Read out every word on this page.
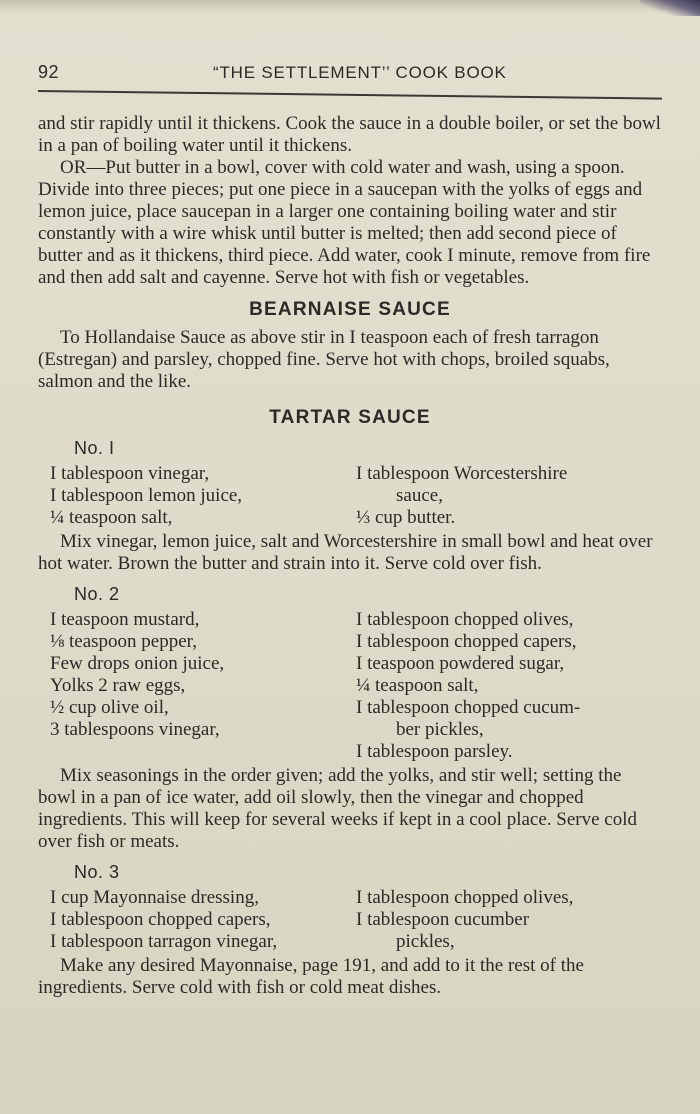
92	“THE SETTLEMENT’’ COOK BOOK

and stir rapidly until it thickens. Cook the sauce in a double boiler, or set the bowl in a pan of boiling water until it thickens.

OR—Put butter in a bowl, cover with cold water and wash, using a spoon. Divide into three pieces; put one piece in a saucepan with the yolks of eggs and lemon juice, place saucepan in a larger one containing boiling water and stir constantly with a wire whisk until butter is melted; then add second piece of butter and as it thickens, third piece. Add water, cook I minute, remove from fire and then add salt and cayenne. Serve hot with fish or vegetables.

BEARNAISE SAUCE

To Hollandaise Sauce as above stir in I teaspoon each of fresh tarragon (Estregan) and parsley, chopped fine. Serve hot with chops, broiled squabs, salmon and the like.

TARTAR SAUCE
No. I

I tablespoon vinegar,

I tablespoon lemon juice,

¼ teaspoon salt,

I tablespoon Worcestershire

sauce,

⅓ cup butter.

Mix vinegar, lemon juice, salt and Worcestershire in small bowl and heat over hot water. Brown the butter and strain into it. Serve cold over fish.

No. 2

I teaspoon mustard,

⅛ teaspoon pepper,

Few drops onion juice,

Yolks 2 raw eggs,

½ cup olive oil,

3 tablespoons vinegar,

I tablespoon chopped olives,

I tablespoon chopped capers,

I teaspoon powdered sugar,

¼ teaspoon salt,

I tablespoon chopped cucum-

ber pickles,

I tablespoon parsley.

Mix seasonings in the order given; add the yolks, and stir well; setting the bowl in a pan of ice water, add oil slowly, then the vinegar and chopped ingredients. This will keep for several weeks if kept in a cool place. Serve cold over fish or meats.

No. 3

I cup Mayonnaise dressing,

I tablespoon chopped capers,

I tablespoon tarragon vinegar,

I tablespoon chopped olives,

I tablespoon cucumber

pickles,

Make any desired Mayonnaise, page 191, and add to it the rest of the ingredients. Serve cold with fish or cold meat dishes.
